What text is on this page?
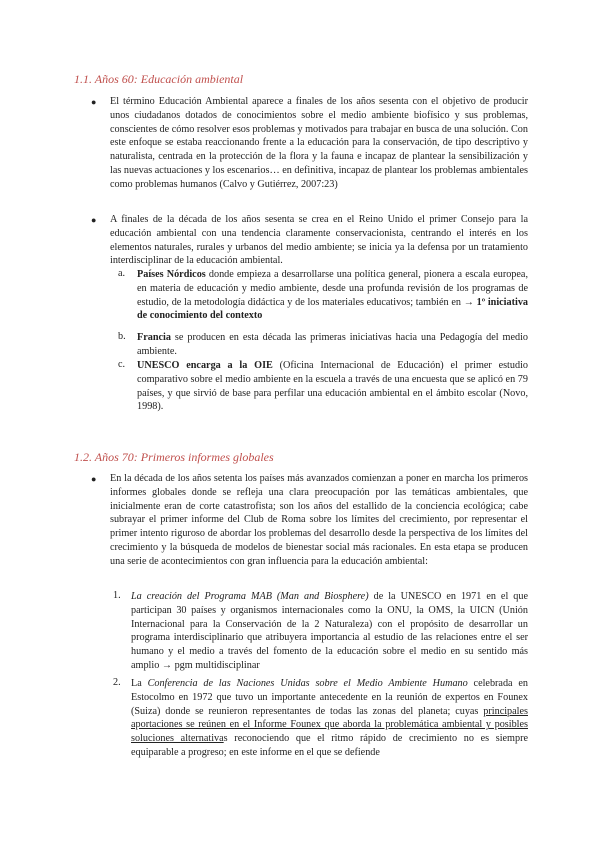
1.1. Años 60: Educación ambiental
● El término Educación Ambiental aparece a finales de los años sesenta con el objetivo de producir unos ciudadanos dotados de conocimientos sobre el medio ambiente biofísico y sus problemas, conscientes de cómo resolver esos problemas y motivados para trabajar en busca de una solución. Con este enfoque se estaba reaccionando frente a la educación para la conservación, de tipo descriptivo y naturalista, centrada en la protección de la flora y la fauna e incapaz de plantear la sensibilización y las nuevas actuaciones y los escenarios… en definitiva, incapaz de plantear los problemas ambientales como problemas humanos (Calvo y Gutiérrez, 2007:23)
● A finales de la década de los años sesenta se crea en el Reino Unido el primer Consejo para la educación ambiental con una tendencia claramente conservacionista, centrando el interés en los elementos naturales, rurales y urbanos del medio ambiente; se inicia ya la defensa por un tratamiento interdisciplinar de la educación ambiental.
a. Países Nórdicos donde empieza a desarrollarse una política general, pionera a escala europea, en materia de educación y medio ambiente, desde una profunda revisión de los programas de estudio, de la metodología didáctica y de los materiales educativos; también en → 1º iniciativa de conocimiento del contexto
b. Francia se producen en esta década las primeras iniciativas hacia una Pedagogía del medio ambiente.
c. UNESCO encarga a la OIE (Oficina Internacional de Educación) el primer estudio comparativo sobre el medio ambiente en la escuela a través de una encuesta que se aplicó en 79 países, y que sirvió de base para perfilar una educación ambiental en el ámbito escolar (Novo, 1998).
1.2. Años 70: Primeros informes globales
● En la década de los años setenta los países más avanzados comienzan a poner en marcha los primeros informes globales donde se refleja una clara preocupación por las temáticas ambientales, que inicialmente eran de corte catastrofista; son los años del estallido de la conciencia ecológica; cabe subrayar el primer informe del Club de Roma sobre los límites del crecimiento, por representar el primer intento riguroso de abordar los problemas del desarrollo desde la perspectiva de los límites del crecimiento y la búsqueda de modelos de bienestar social más racionales. En esta etapa se producen una serie de acontecimientos con gran influencia para la educación ambiental:
1. La creación del Programa MAB (Man and Biosphere) de la UNESCO en 1971 en el que participan 30 países y organismos internacionales como la ONU, la OMS, la UICN (Unión Internacional para la Conservación de la 2 Naturaleza) con el propósito de desarrollar un programa interdisciplinario que atribuyera importancia al estudio de las relaciones entre el ser humano y el medio a través del fomento de la educación sobre el medio en su sentido más amplio → pgm multidisciplinar
2. La Conferencia de las Naciones Unidas sobre el Medio Ambiente Humano celebrada en Estocolmo en 1972 que tuvo un importante antecedente en la reunión de expertos en Founex (Suiza) donde se reunieron representantes de todas las zonas del planeta; cuyas principales aportaciones se reúnen en el Informe Founex que aborda la problemática ambiental y posibles soluciones alternativas reconociendo que el ritmo rápido de crecimiento no es siempre equiparable a progreso; en este informe en el que se defiende
